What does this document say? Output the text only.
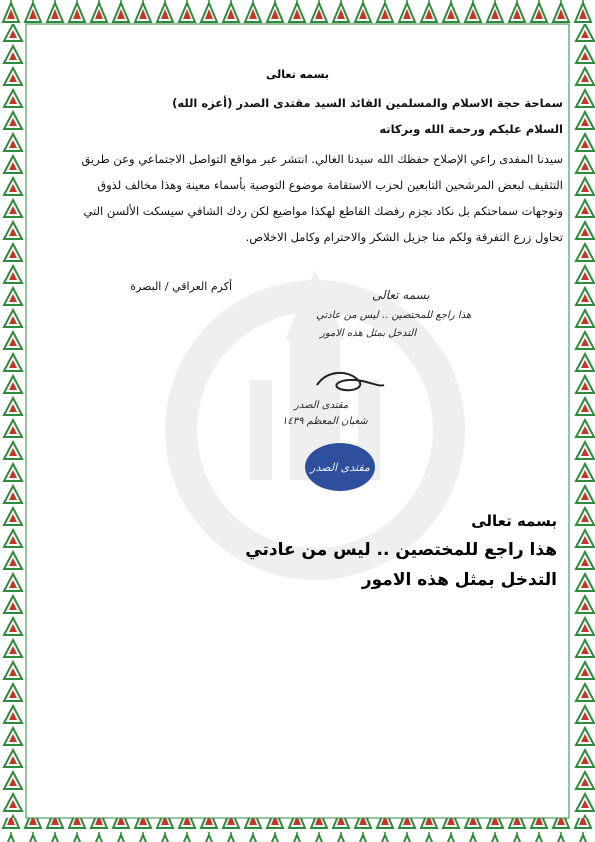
بسمه تعالى
سماحة حجة الاسلام والمسلمين القائد السيد مقتدى الصدر (أعزه الله)
السلام عليكم ورحمة الله وبركاته
سيدنا المفدى راعي الإصلاح حفظك الله سيدنا الغالي. انتشر عبر مواقع التواصل الاجتماعي وعن طريق
التثقيف لبعض المرشحين التابعين لحزب الاستقامة موضوع التوصية بأسماء معينة وهذا مخالف لذوق
وتوجهات سماحتكم بل نكاد نجزم رفضك القاطع لهكذا مواضيع لكن ردك الشافي سيسكت الألسن التي
تحاول زرع التفرقة ولكم منا جزيل الشكر والاحترام وكامل الاخلاص.
أكرم العراقي / البصرة
بسمه تعالى
هذا راجع للمختصين .. ليس من عادتي
التدخل بمثل هذه الامور
مقتدى الصدر
شعبان المعظم ١٤٣٩
مقتدى الصدر
بسمه تعالى
هذا راجع للمختصين .. ليس من عادتي
التدخل بمثل هذه الامور
